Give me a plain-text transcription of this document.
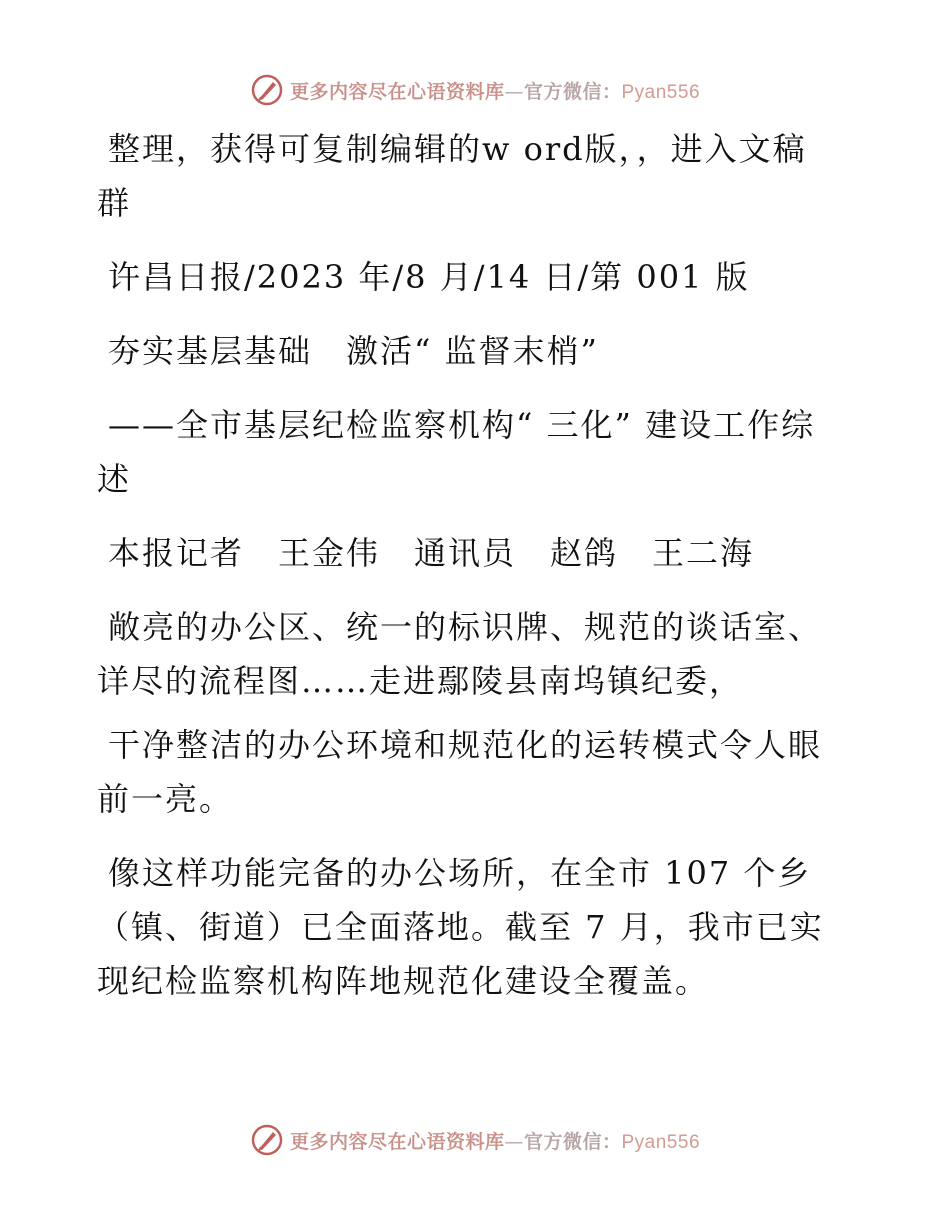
更多内容尽在心语资料库—官方微信：Pyan556

整理，获得可复制编辑的w ord版，，进入文稿群

许昌日报/2023 年/8 月/14 日/第 001 版

夯实基层基础　激活“ 监督末梢”

——全市基层纪检监察机构“ 三化” 建设工作综述

本报记者　王金伟　通讯员　赵鸽　王二海

敞亮的办公区、统一的标识牌、规范的谈话室、详尽的流程图……走进鄢陵县南坞镇纪委，

干净整洁的办公环境和规范化的运转模式令人眼前一亮。

像这样功能完备的办公场所，在全市 107 个乡（镇、街道）已全面落地。截至 7 月，我市已实现纪检监察机构阵地规范化建设全覆盖。

更多内容尽在心语资料库—官方微信：Pyan556
